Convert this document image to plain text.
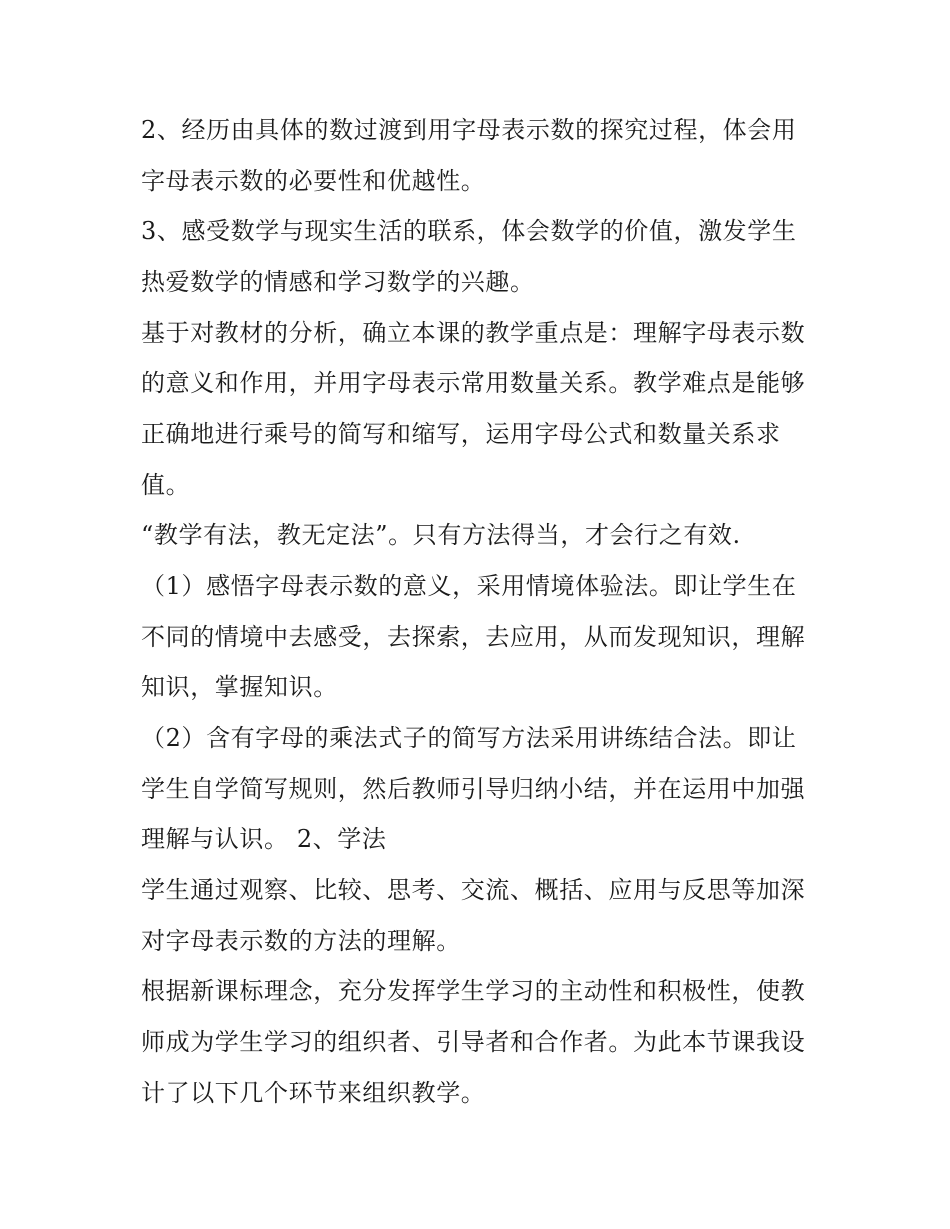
2、经历由具体的数过渡到用字母表示数的探究过程，体会用
字母表示数的必要性和优越性。
3、感受数学与现实生活的联系，体会数学的价值，激发学生
热爱数学的情感和学习数学的兴趣。
基于对教材的分析，确立本课的教学重点是：理解字母表示数
的意义和作用，并用字母表示常用数量关系。教学难点是能够
正确地进行乘号的简写和缩写，运用字母公式和数量关系求
值。
“教学有法，教无定法”。只有方法得当，才会行之有效.
（1）感悟字母表示数的意义，采用情境体验法。即让学生在
不同的情境中去感受，去探索，去应用，从而发现知识，理解
知识，掌握知识。
（2）含有字母的乘法式子的简写方法采用讲练结合法。即让
学生自学简写规则，然后教师引导归纳小结，并在运用中加强
理解与认识。 2、学法
学生通过观察、比较、思考、交流、概括、应用与反思等加深
对字母表示数的方法的理解。
根据新课标理念，充分发挥学生学习的主动性和积极性，使教
师成为学生学习的组织者、引导者和合作者。为此本节课我设
计了以下几个环节来组织教学。
